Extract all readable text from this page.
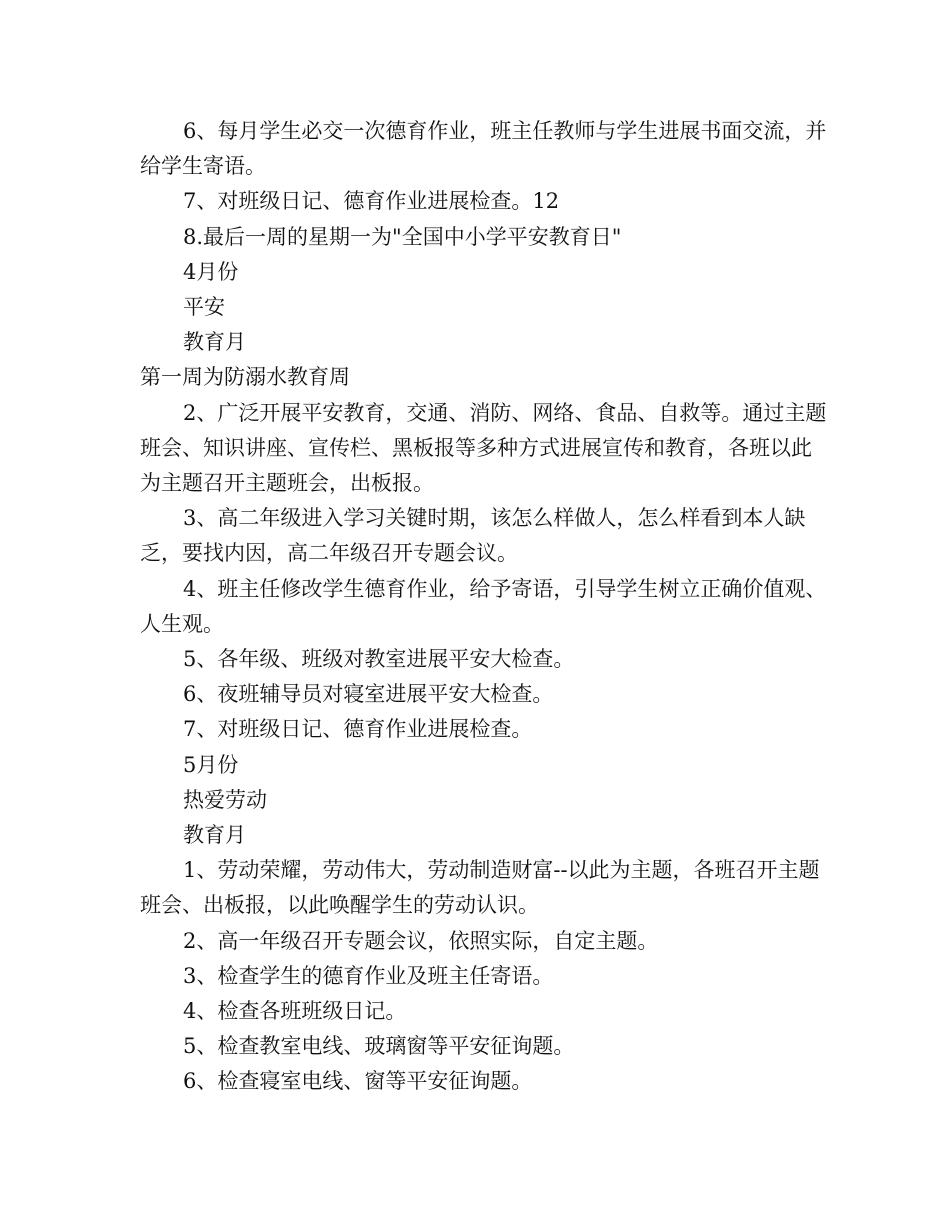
6、每月学生必交一次德育作业，班主任教师与学生进展书面交流，并给学生寄语。

7、对班级日记、德育作业进展检查。12

8.最后一周的星期一为"全国中小学平安教育日"

4月份

平安

教育月

第一周为防溺水教育周

2、广泛开展平安教育，交通、消防、网络、食品、自救等。通过主题班会、知识讲座、宣传栏、黑板报等多种方式进展宣传和教育，各班以此为主题召开主题班会，出板报。

3、高二年级进入学习关键时期，该怎么样做人，怎么样看到本人缺乏，要找内因，高二年级召开专题会议。

4、班主任修改学生德育作业，给予寄语，引导学生树立正确价值观、人生观。

5、各年级、班级对教室进展平安大检查。

6、夜班辅导员对寝室进展平安大检查。

7、对班级日记、德育作业进展检查。

5月份

热爱劳动

教育月

1、劳动荣耀，劳动伟大，劳动制造财富--以此为主题，各班召开主题班会、出板报，以此唤醒学生的劳动认识。

2、高一年级召开专题会议，依照实际，自定主题。

3、检查学生的德育作业及班主任寄语。

4、检查各班班级日记。

5、检查教室电线、玻璃窗等平安征询题。

6、检查寝室电线、窗等平安征询题。
